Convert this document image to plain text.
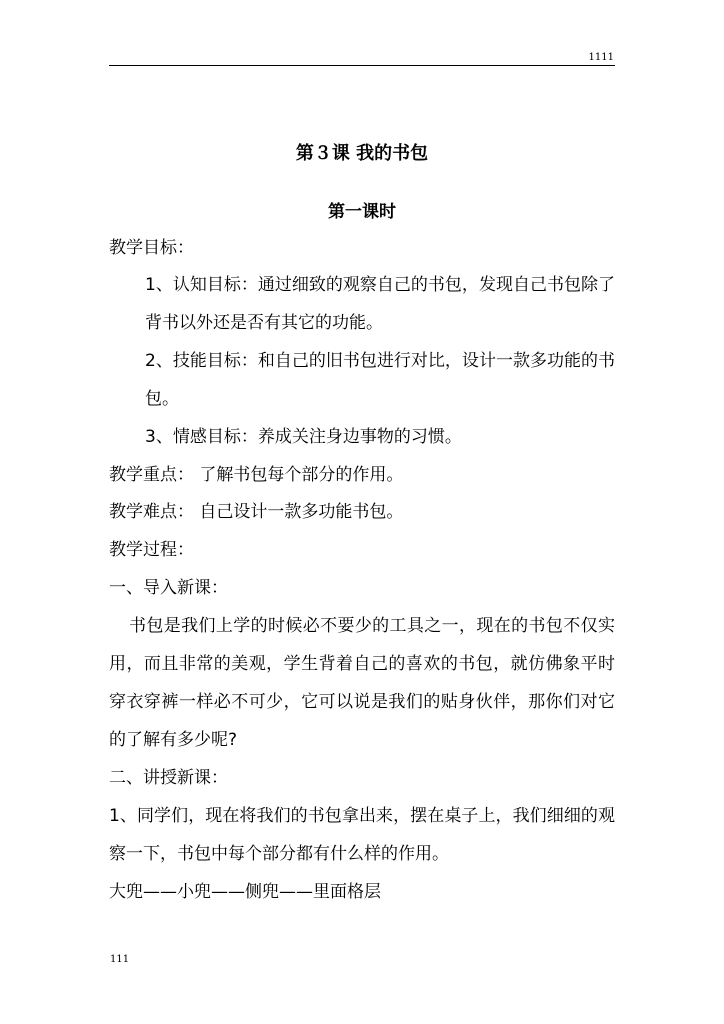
1111
第３课 我的书包
第一课时
教学目标：
1、认知目标：通过细致的观察自己的书包，发现自己书包除了
背书以外还是否有其它的功能。
2、技能目标：和自己的旧书包进行对比，设计一款多功能的书
包。
3、情感目标：养成关注身边事物的习惯。
教学重点： 了解书包每个部分的作用。
教学难点： 自己设计一款多功能书包。
教学过程：
一、导入新课：
书包是我们上学的时候必不要少的工具之一，现在的书包不仅实
用，而且非常的美观，学生背着自己的喜欢的书包，就仿佛象平时
穿衣穿裤一样必不可少，它可以说是我们的贴身伙伴，那你们对它
的了解有多少呢?
二、讲授新课：
1、同学们，现在将我们的书包拿出来，摆在桌子上，我们细细的观
察一下，书包中每个部分都有什么样的作用。
大兜——小兜——侧兜——里面格层
111
